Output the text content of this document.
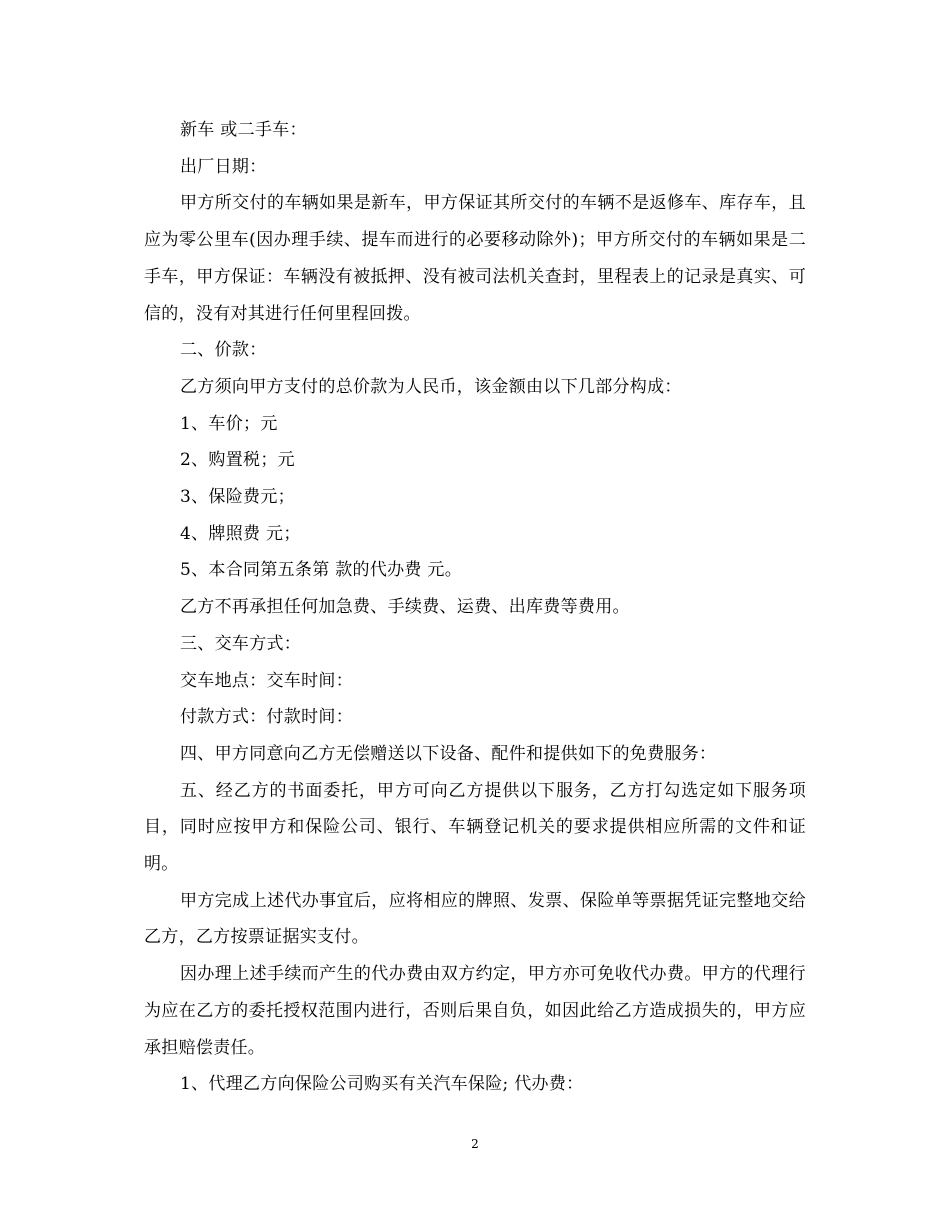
新车 或二手车：

出厂日期：

甲方所交付的车辆如果是新车，甲方保证其所交付的车辆不是返修车、库存车，且应为零公里车(因办理手续、提车而进行的必要移动除外)；甲方所交付的车辆如果是二手车，甲方保证：车辆没有被抵押、没有被司法机关查封，里程表上的记录是真实、可信的，没有对其进行任何里程回拨。

二、价款：

乙方须向甲方支付的总价款为人民币，该金额由以下几部分构成：

1、车价；元

2、购置税；元

3、保险费元；

4、牌照费 元；

5、本合同第五条第 款的代办费 元。

乙方不再承担任何加急费、手续费、运费、出库费等费用。

三、交车方式：

交车地点：交车时间：

付款方式：付款时间：

四、甲方同意向乙方无偿赠送以下设备、配件和提供如下的免费服务：

五、经乙方的书面委托，甲方可向乙方提供以下服务，乙方打勾选定如下服务项目，同时应按甲方和保险公司、银行、车辆登记机关的要求提供相应所需的文件和证明。

甲方完成上述代办事宜后，应将相应的牌照、发票、保险单等票据凭证完整地交给乙方，乙方按票证据实支付。

因办理上述手续而产生的代办费由双方约定，甲方亦可免收代办费。甲方的代理行为应在乙方的委托授权范围内进行，否则后果自负，如因此给乙方造成损失的，甲方应承担赔偿责任。

1、代理乙方向保险公司购买有关汽车保险; 代办费：

2
